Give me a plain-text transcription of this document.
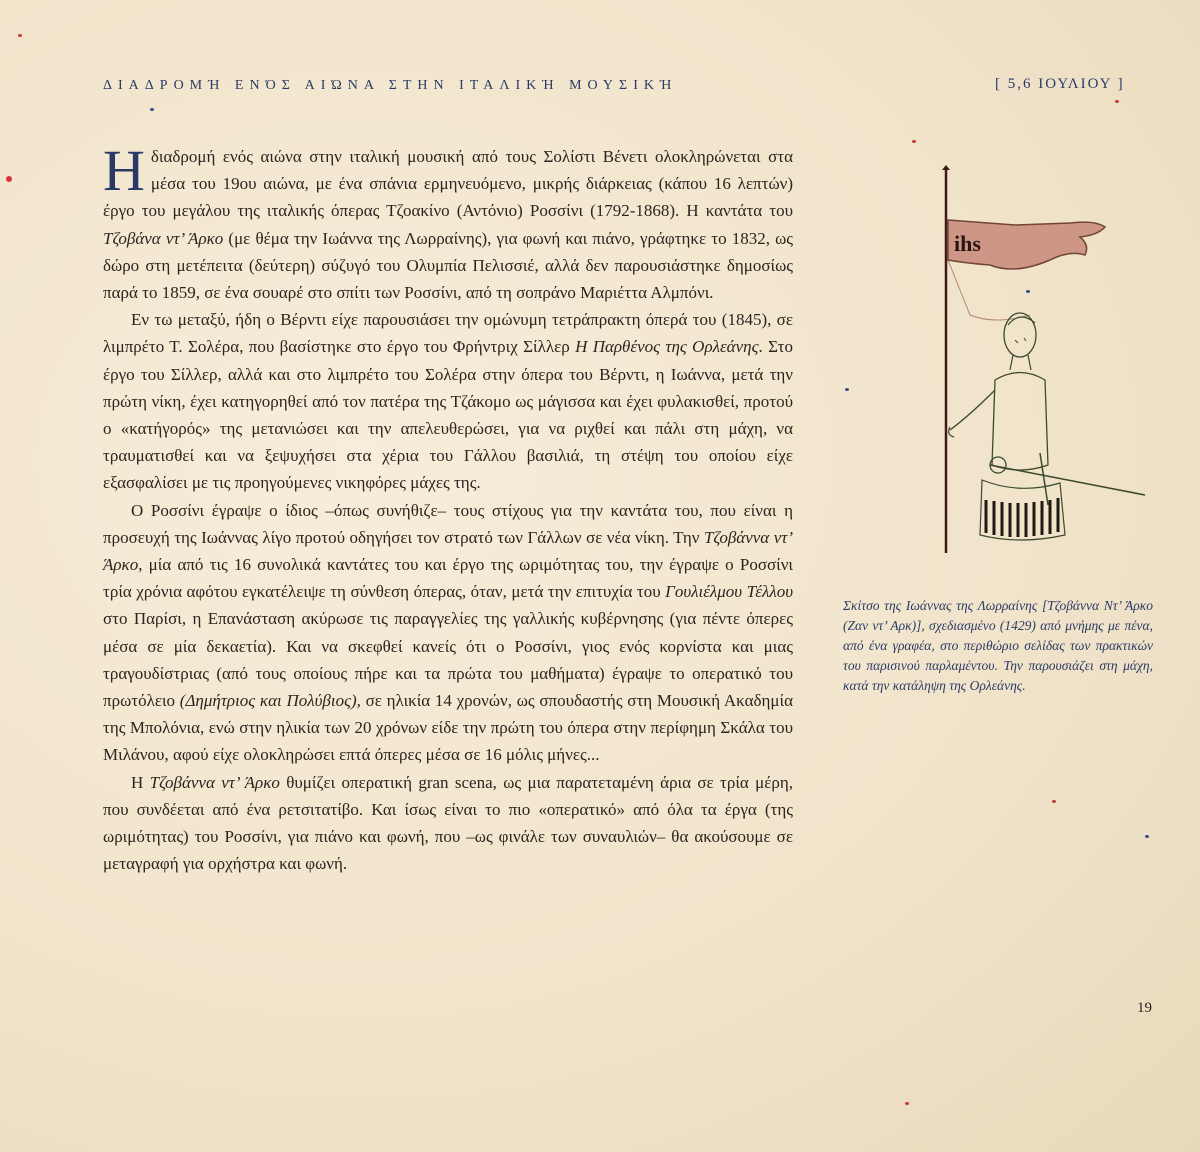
ΔΙΑΔΡΟΜΉ ΕΝΌΣ ΑΙΏΝΑ ΣΤΗΝ ΙΤΑΛΙΚΉ ΜΟΥΣΙΚΉ	[ 5,6 ΙΟΥΛΙΟΥ ]

Ηδιαδρομή ενός αιώνα στην ιταλική μουσική από τους Σολίστι Βένετι ολοκληρώνεται στα μέσα του 19ου αιώνα, με ένα σπάνια ερμηνευόμενο, μικρής διάρκειας (κάπου 16 λεπτών) έργο του μεγάλου της ιταλικής όπερας Τζοακίνο (Αντόνιο) Ροσσίνι (1792-1868). Η καντάτα του Τζοβάνα ντ’ Άρκο (με θέμα την Ιωάννα της Λωρραίνης), για φωνή και πιάνο, γράφτηκε το 1832, ως δώρο στη μετέπειτα (δεύτερη) σύζυγό του Ολυμπία Πελισσιέ, αλλά δεν παρουσιάστηκε δημοσίως παρά το 1859, σε ένα σουαρέ στο σπίτι των Ροσσίνι, από τη σοπράνο Μαριέττα Αλμπόνι.

Εν τω μεταξύ, ήδη ο Βέρντι είχε παρουσιάσει την ομώνυμη τετράπρακτη όπερά του (1845), σε λιμπρέτο Τ. Σολέρα, που βασίστηκε στο έργο του Φρήντριχ Σίλλερ Η Παρθένος της Ορλεάνης. Στο έργο του Σίλλερ, αλλά και στο λιμπρέτο του Σολέρα στην όπερα του Βέρντι, η Ιωάννα, μετά την πρώτη νίκη, έχει κατηγορηθεί από τον πατέρα της Τζάκομο ως μάγισσα και έχει φυλακισθεί, προτού ο «κατήγορός» της μετανιώσει και την απελευθερώσει, για να ριχθεί και πάλι στη μάχη, να τραυματισθεί και να ξεψυχήσει στα χέρια του Γάλλου βασιλιά, τη στέψη του οποίου είχε εξασφαλίσει με τις προηγούμενες νικηφόρες μάχες της.

Ο Ροσσίνι έγραψε ο ίδιος –όπως συνήθιζε– τους στίχους για την καντάτα του, που είναι η προσευχή της Ιωάννας λίγο προτού οδηγήσει τον στρατό των Γάλλων σε νέα νίκη. Την Τζοβάννα ντ’ Άρκο, μία από τις 16 συνολικά καντάτες του και έργο της ωριμότητας του, την έγραψε ο Ροσσίνι τρία χρόνια αφότου εγκατέλειψε τη σύνθεση όπερας, όταν, μετά την επιτυχία του Γουλιέλμου Τέλλου στο Παρίσι, η Επανάσταση ακύρωσε τις παραγγελίες της γαλλικής κυβέρνησης (για πέντε όπερες μέσα σε μία δεκαετία). Και να σκεφθεί κανείς ότι ο Ροσσίνι, γιος ενός κορνίστα και μιας τραγουδίστριας (από τους οποίους πήρε και τα πρώτα του μαθήματα) έγραψε το οπερατικό του πρωτόλειο (Δημήτριος και Πολύβιος), σε ηλικία 14 χρονών, ως σπουδαστής στη Μουσική Ακαδημία της Μπολόνια, ενώ στην ηλικία των 20 χρόνων είδε την πρώτη του όπερα στην περίφημη Σκάλα του Μιλάνου, αφού είχε ολοκληρώσει επτά όπερες μέσα σε 16 μόλις μήνες...

Η Τζοβάννα ντ’ Άρκο θυμίζει οπερατική gran scena, ως μια παρατεταμένη άρια σε τρία μέρη, που συνδέεται από ένα ρετσιτατίβο. Και ίσως είναι το πιο «οπερατικό» από όλα τα έργα (της ωριμότητας) του Ροσσίνι, για πιάνο και φωνή, που –ως φινάλε των συναυλιών– θα ακούσουμε σε μεταγραφή για ορχήστρα και φωνή.

ihs
Σκίτσο της Ιωάννας της Λωρραίνης [Τζοβάννα Ντ’ Άρκο (Ζαν ντ’ Αρκ)], σχεδιασμένο (1429) από μνήμης με πένα, από ένα γραφέα, στο περιθώριο σελίδας των πρακτικών του παρισινού παρλαμέντου. Την παρουσιάζει στη μάχη, κατά την κατάληψη της Ορλεάνης.
19
